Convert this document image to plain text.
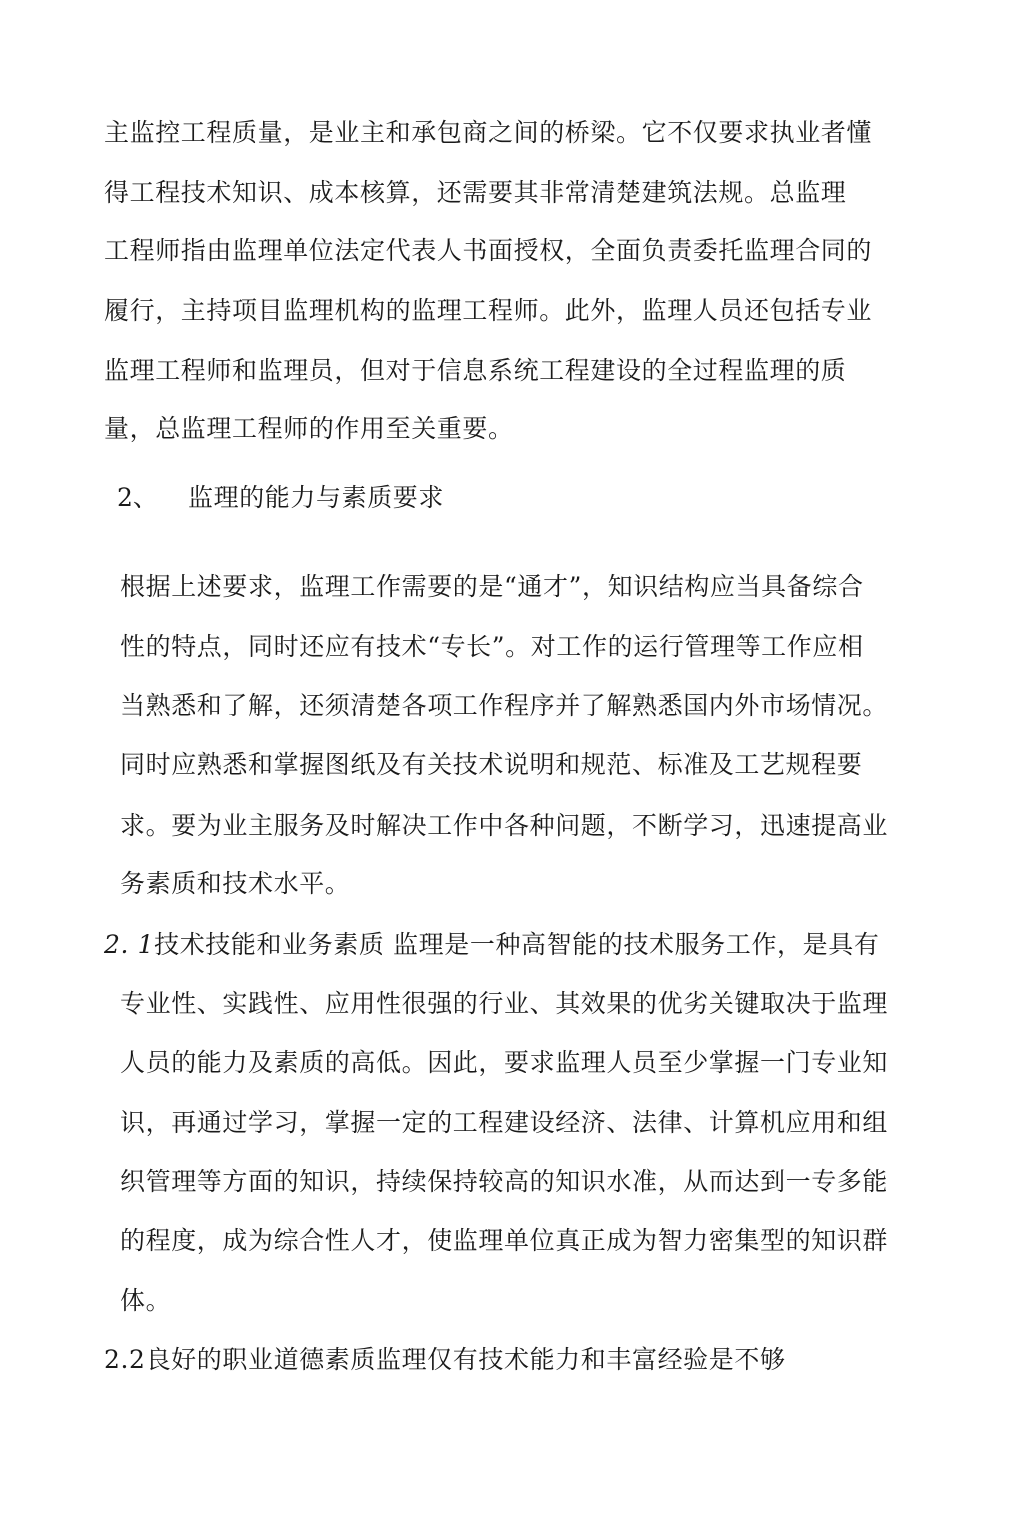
主监控工程质量，是业主和承包商之间的桥梁。它不仅要求执业者懂
得工程技术知识、成本核算，还需要其非常清楚建筑法规。总监理
工程师指由监理单位法定代表人书面授权，全面负责委托监理合同的
履行，主持项目监理机构的监理工程师。此外，监理人员还包括专业
监理工程师和监理员，但对于信息系统工程建设的全过程监理的质
量，总监理工程师的作用至关重要。
2、 监理的能力与素质要求
根据上述要求，监理工作需要的是“通才”，知识结构应当具备综合
性的特点，同时还应有技术“专长”。对工作的运行管理等工作应相
当熟悉和了解，还须清楚各项工作程序并了解熟悉国内外市场情况。
同时应熟悉和掌握图纸及有关技术说明和规范、标准及工艺规程要
求。要为业主服务及时解决工作中各种问题，不断学习，迅速提高业
务素质和技术水平。
2. 1技术技能和业务素质 监理是一种高智能的技术服务工作，是具有
专业性、实践性、应用性很强的行业、其效果的优劣关键取决于监理
人员的能力及素质的高低。因此，要求监理人员至少掌握一门专业知
识，再通过学习，掌握一定的工程建设经济、法律、计算机应用和组
织管理等方面的知识，持续保持较高的知识水准，从而达到一专多能
的程度，成为综合性人才，使监理单位真正成为智力密集型的知识群
体。
2.2良好的职业道德素质监理仅有技术能力和丰富经验是不够
